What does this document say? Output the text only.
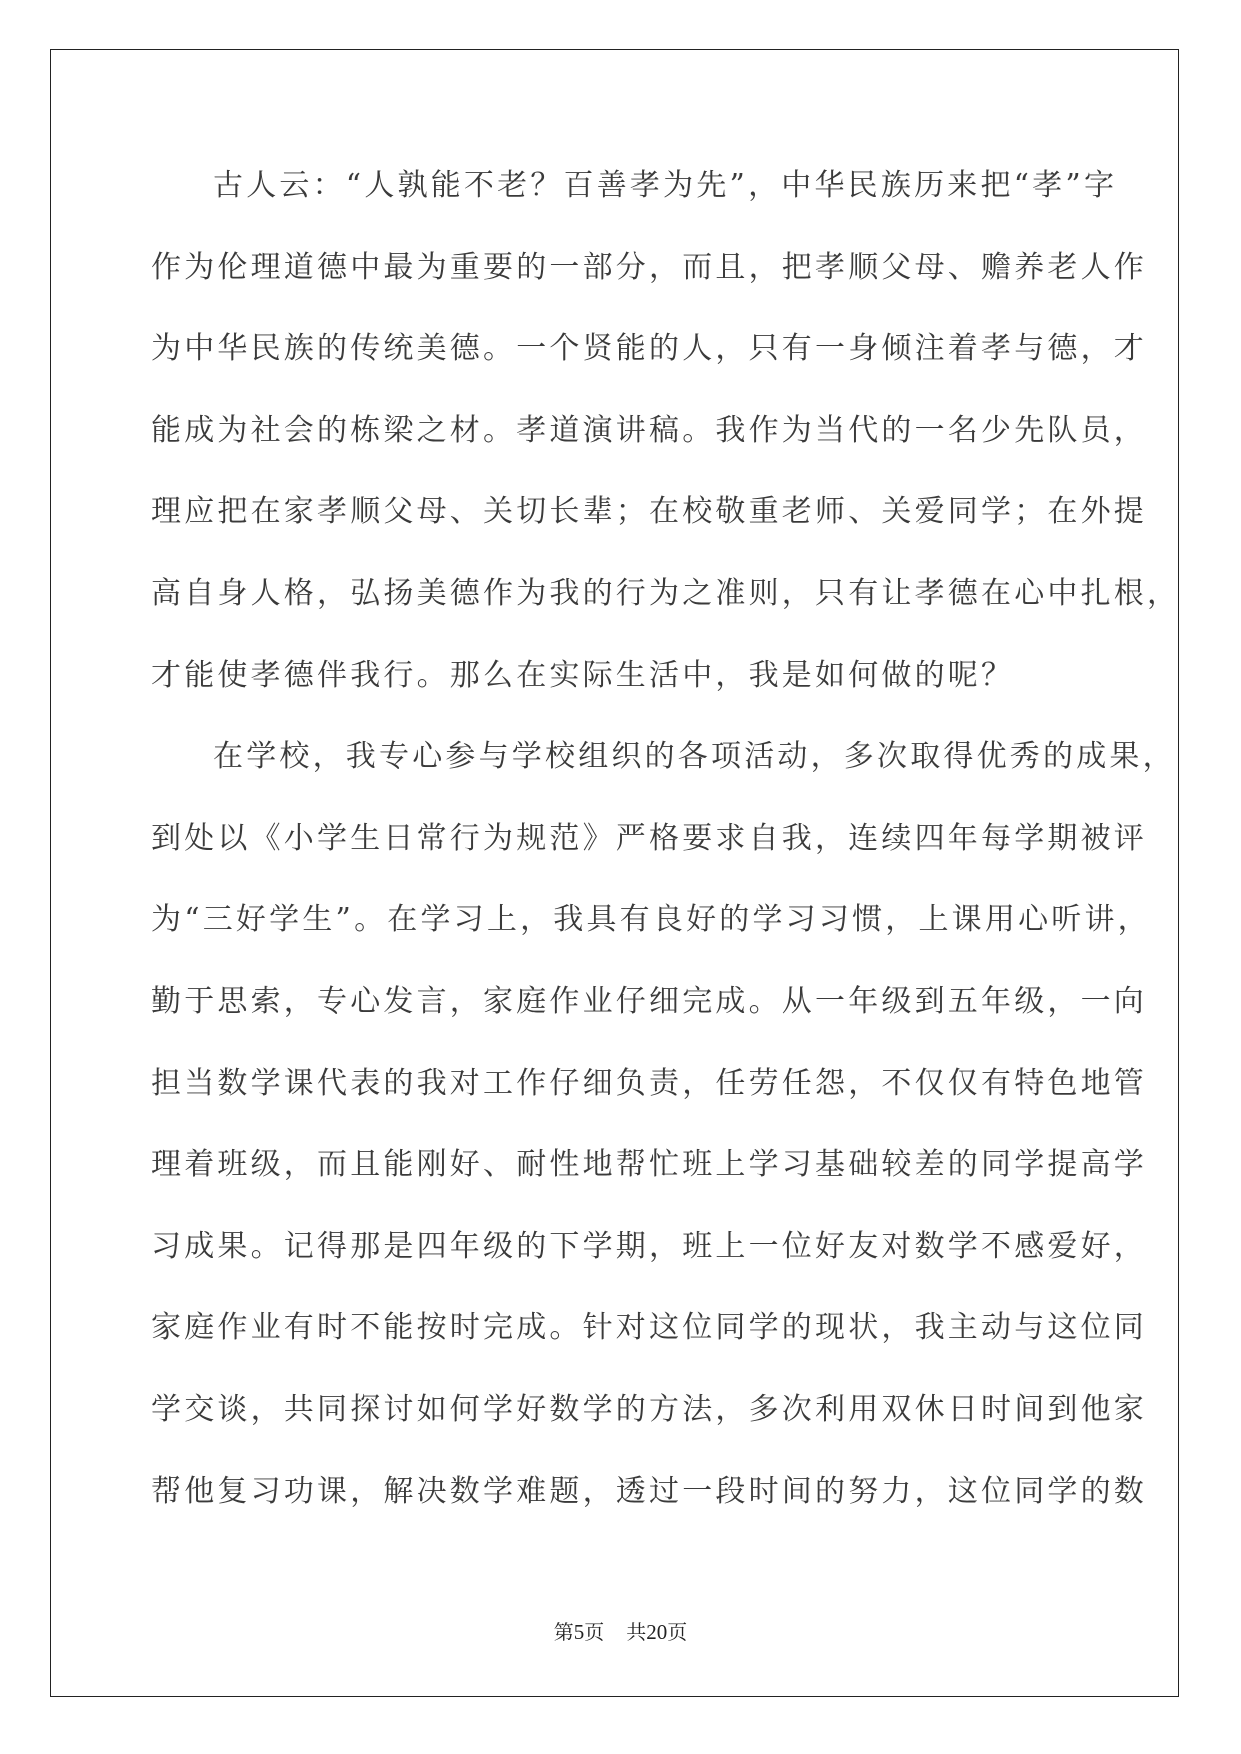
古人云：“人孰能不老？百善孝为先”，中华民族历来把“孝”字
作为伦理道德中最为重要的一部分，而且，把孝顺父母、赡养老人作
为中华民族的传统美德。一个贤能的人，只有一身倾注着孝与德，才
能成为社会的栋梁之材。孝道演讲稿。我作为当代的一名少先队员，
理应把在家孝顺父母、关切长辈；在校敬重老师、关爱同学；在外提
高自身人格，弘扬美德作为我的行为之准则，只有让孝德在心中扎根，
才能使孝德伴我行。那么在实际生活中，我是如何做的呢？
在学校，我专心参与学校组织的各项活动，多次取得优秀的成果，
到处以《小学生日常行为规范》严格要求自我，连续四年每学期被评
为“三好学生”。在学习上，我具有良好的学习习惯，上课用心听讲，
勤于思索，专心发言，家庭作业仔细完成。从一年级到五年级，一向
担当数学课代表的我对工作仔细负责，任劳任怨，不仅仅有特色地管
理着班级，而且能刚好、耐性地帮忙班上学习基础较差的同学提高学
习成果。记得那是四年级的下学期，班上一位好友对数学不感爱好，
家庭作业有时不能按时完成。针对这位同学的现状，我主动与这位同
学交谈，共同探讨如何学好数学的方法，多次利用双休日时间到他家
帮他复习功课，解决数学难题，透过一段时间的努力，这位同学的数
第5页 共20页
